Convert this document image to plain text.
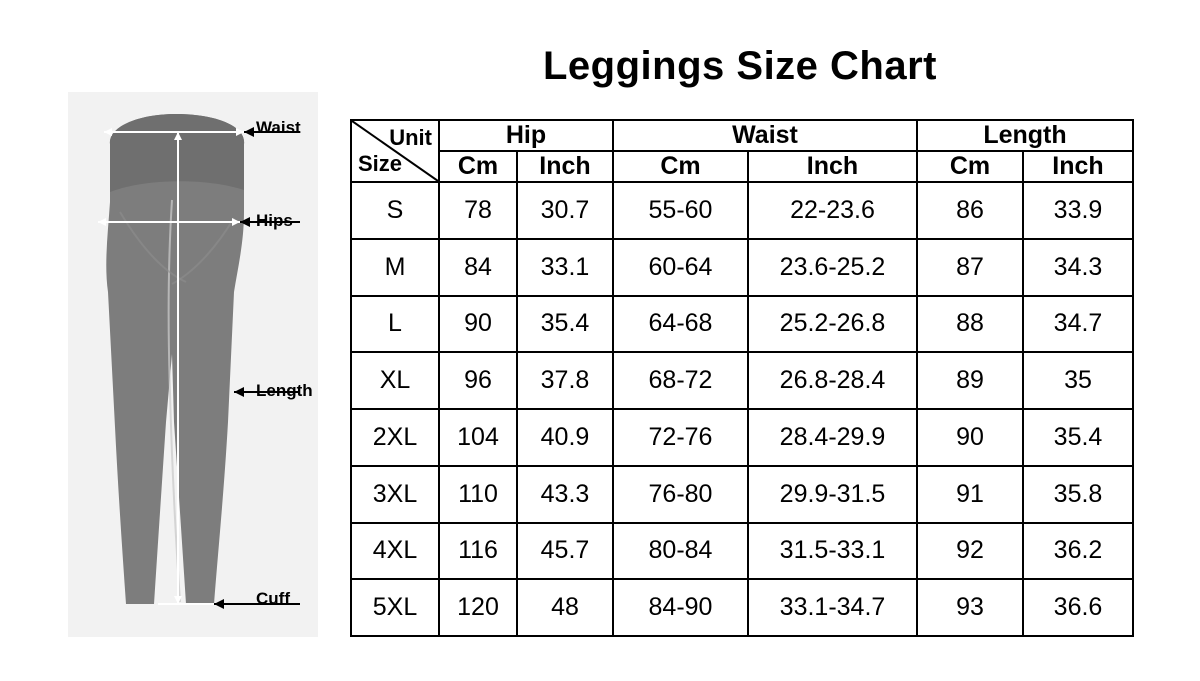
Waist
Hips
Length
Cuff
Leggings Size Chart
Unit
Size	Hip		Waist		Length	
	Cm	Inch	Cm	Inch	Cm	Inch
S	78	30.7	55-60	22-23.6	86	33.9
M	84	33.1	60-64	23.6-25.2	87	34.3
L	90	35.4	64-68	25.2-26.8	88	34.7
XL	96	37.8	68-72	26.8-28.4	89	35
2XL	104	40.9	72-76	28.4-29.9	90	35.4
3XL	110	43.3	76-80	29.9-31.5	91	35.8
4XL	116	45.7	80-84	31.5-33.1	92	36.2
5XL	120	48	84-90	33.1-34.7	93	36.6
